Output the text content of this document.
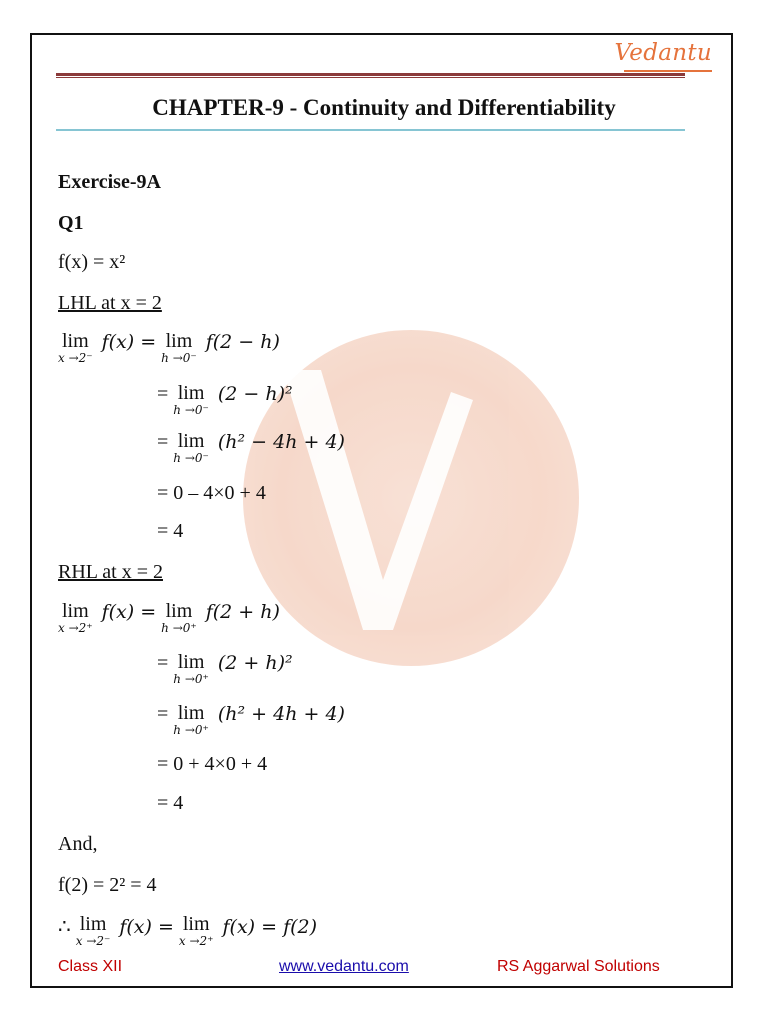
Vedantu
CHAPTER-9 - Continuity and Differentiability
Exercise-9A
Q1
f(x) = x²
LHL at x = 2
lim
x →2⁻
f(x) = lim
h →0⁻
f(2 − h)
= lim
h →0⁻
(2 − h)²
= lim
h →0⁻
(h² − 4h + 4)
= 0 – 4×0 + 4
= 4
RHL at x = 2
lim
x →2⁺
f(x) = lim
h →0⁺
f(2 + h)
= lim
h →0⁺
(2 + h)²
= lim
h →0⁺
(h² + 4h + 4)
= 0 + 4×0 + 4
= 4
And,
f(2) = 2² = 4
∴ lim
x →2⁻
f(x) = lim
x →2⁺
f(x) = f(2)
Class XII	www.vedantu.com	RS Aggarwal Solutions
